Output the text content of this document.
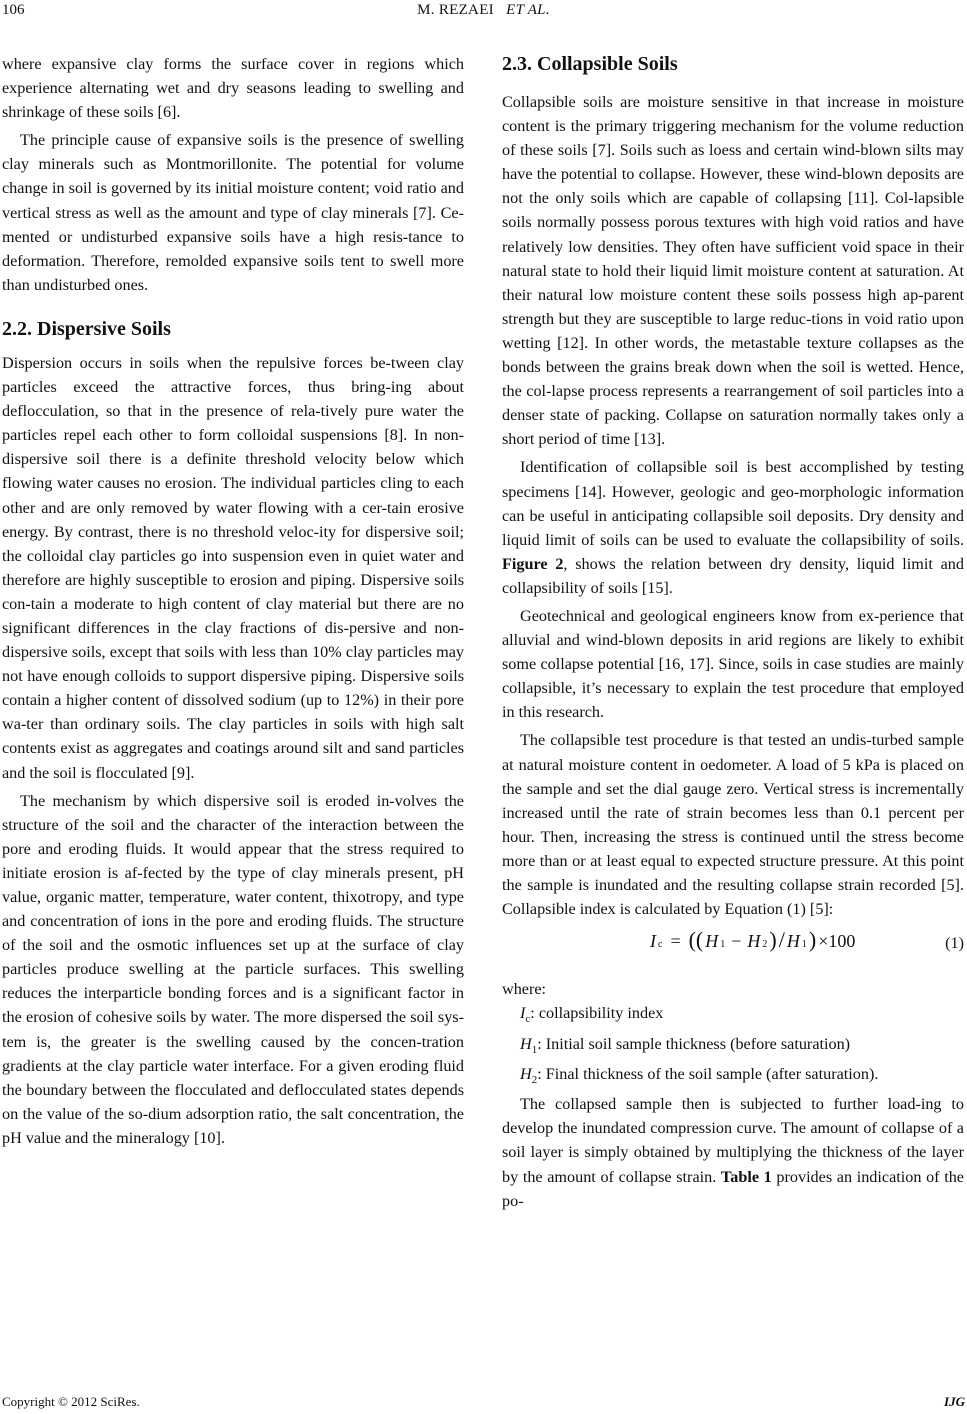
106	M. REZAEI ET AL.

where expansive clay forms the surface cover in regions which experience alternating wet and dry seasons leading to swelling and shrinkage of these soils [6].

The principle cause of expansive soils is the presence of swelling clay minerals such as Montmorillonite. The potential for volume change in soil is governed by its initial moisture content; void ratio and vertical stress as well as the amount and type of clay minerals [7]. Ce-mented or undisturbed expansive soils have a high resis-tance to deformation. Therefore, remolded expansive soils tent to swell more than undisturbed ones.

2.2. Dispersive Soils

Dispersion occurs in soils when the repulsive forces be-tween clay particles exceed the attractive forces, thus bring-ing about deflocculation, so that in the presence of rela-tively pure water the particles repel each other to form colloidal suspensions [8]. In non-dispersive soil there is a definite threshold velocity below which flowing water causes no erosion. The individual particles cling to each other and are only removed by water flowing with a cer-tain erosive energy. By contrast, there is no threshold veloc-ity for dispersive soil; the colloidal clay particles go into suspension even in quiet water and therefore are highly susceptible to erosion and piping. Dispersive soils con-tain a moderate to high content of clay material but there are no significant differences in the clay fractions of dis-persive and non-dispersive soils, except that soils with less than 10% clay particles may not have enough colloids to support dispersive piping. Dispersive soils contain a higher content of dissolved sodium (up to 12%) in their pore wa-ter than ordinary soils. The clay particles in soils with high salt contents exist as aggregates and coatings around silt and sand particles and the soil is flocculated [9].

The mechanism by which dispersive soil is eroded in-volves the structure of the soil and the character of the interaction between the pore and eroding fluids. It would appear that the stress required to initiate erosion is af-fected by the type of clay minerals present, pH value, organic matter, temperature, water content, thixotropy, and type and concentration of ions in the pore and eroding fluids. The structure of the soil and the osmotic influences set up at the surface of clay particles produce swelling at the particle surfaces. This swelling reduces the interparticle bonding forces and is a significant factor in the erosion of cohesive soils by water. The more dispersed the soil sys-tem is, the greater is the swelling caused by the concen-tration gradients at the clay particle water interface. For a given eroding fluid the boundary between the flocculated and deflocculated states depends on the value of the so-dium adsorption ratio, the salt concentration, the pH value and the mineralogy [10].

2.3. Collapsible Soils

Collapsible soils are moisture sensitive in that increase in moisture content is the primary triggering mechanism for the volume reduction of these soils [7]. Soils such as loess and certain wind-blown silts may have the potential to collapse. However, these wind-blown deposits are not the only soils which are capable of collapsing [11]. Col-lapsible soils normally possess porous textures with high void ratios and have relatively low densities. They often have sufficient void space in their natural state to hold their liquid limit moisture content at saturation. At their natural low moisture content these soils possess high ap-parent strength but they are susceptible to large reduc-tions in void ratio upon wetting [12]. In other words, the metastable texture collapses as the bonds between the grains break down when the soil is wetted. Hence, the col-lapse process represents a rearrangement of soil particles into a denser state of packing. Collapse on saturation normally takes only a short period of time [13].

Identification of collapsible soil is best accomplished by testing specimens [14]. However, geologic and geo-morphologic information can be useful in anticipating collapsible soil deposits. Dry density and liquid limit of soils can be used to evaluate the collapsibility of soils. Figure 2, shows the relation between dry density, liquid limit and collapsibility of soils [15].

Geotechnical and geological engineers know from ex-perience that alluvial and wind-blown deposits in arid regions are likely to exhibit some collapse potential [16, 17]. Since, soils in case studies are mainly collapsible, it’s necessary to explain the test procedure that employed in this research.

The collapsible test procedure is that tested an undis-turbed sample at natural moisture content in oedometer. A load of 5 kPa is placed on the sample and set the dial gauge zero. Vertical stress is incrementally increased until the rate of strain becomes less than 0.1 percent per hour. Then, increasing the stress is continued until the stress become more than or at least equal to expected structure pressure. At this point the sample is inundated and the resulting collapse strain recorded [5]. Collapsible index is calculated by Equation (1) [5]:

$I_c$ = (( $H_1 - H_2$ ) / $H_1$ ) ×100	(1)

where:

$I_c$: collapsibility index

$H_1$: Initial soil sample thickness (before saturation)

$H_2$: Final thickness of the soil sample (after saturation).

The collapsed sample then is subjected to further load-ing to develop the inundated compression curve. The amount of collapse of a soil layer is simply obtained by multiplying the thickness of the layer by the amount of collapse strain. Table 1 provides an indication of the po-

Copyright © 2012 SciRes.	IJG
